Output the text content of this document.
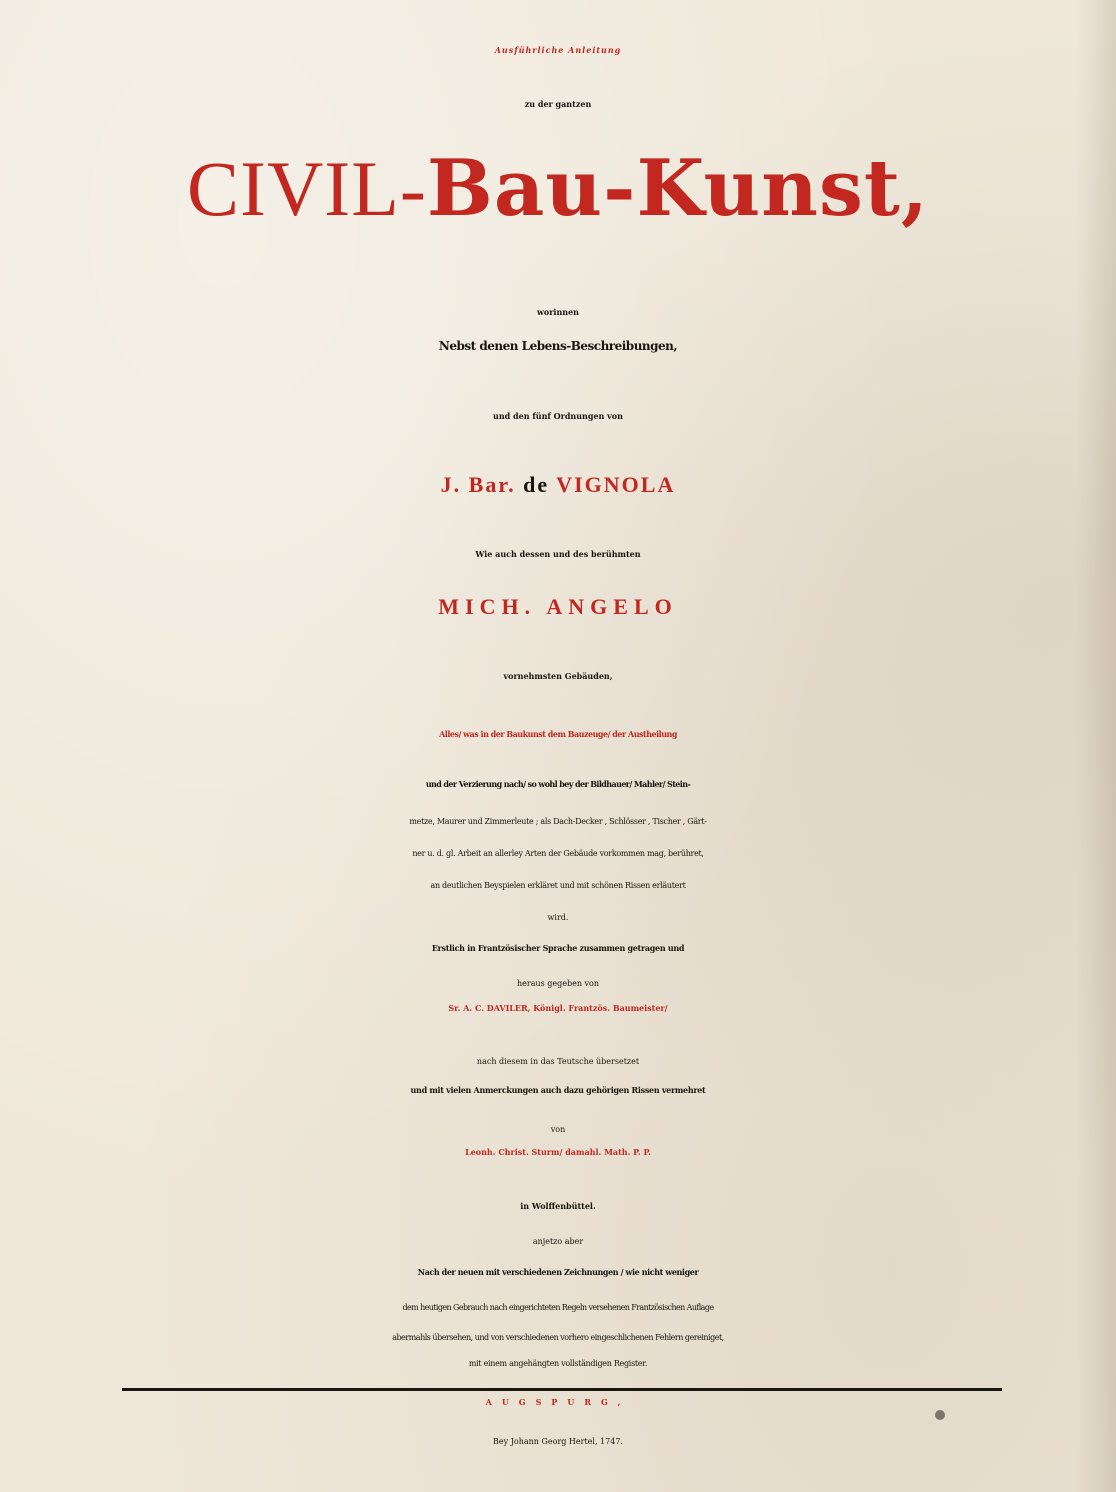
Ausführliche Anleitung
zu der gantzen
CIVIL-Bau-Kunst,
worinnen
Nebst denen Lebens-Beschreibungen,
und den fünf Ordnungen von
J. Bar. de VIGNOLA
Wie auch dessen und des berühmten
MICH. ANGELO
vornehmsten Gebäuden,
Alles/ was in der Baukunst dem Bauzeuge/ der Austheilung
und der Verzierung nach/ so wohl bey der Bildhauer/ Mahler/ Stein-
metze, Maurer und Zimmerleute ; als Dach-Decker , Schlösser , Tischer , Gärt-
ner u. d. gl. Arbeit an allerley Arten der Gebäude vorkommen mag, berühret,
an deutlichen Beyspielen erkläret und mit schönen Rissen erläutert
wird.
Erstlich in Frantzösischer Sprache zusammen getragen und
heraus gegeben von
Sr. A. C. DAVILER, Königl. Frantzös. Baumeister/
nach diesem in das Teutsche übersetzet
und mit vielen Anmerckungen auch dazu gehörigen Rissen vermehret
von
Leonh. Christ. Sturm/ damahl. Math. P. P.
in Wolffenbüttel.
anjetzo aber
Nach der neuen mit verschiedenen Zeichnungen / wie nicht weniger
dem heutigen Gebrauch nach eingerichteten Regeln versehenen Frantzösischen Auflage
abermahls übersehen, und von verschiedenen vorhero eingeschlichenen Fehlern gereiniget,
mit einem angehängten vollständigen Register.
AUGSPURG,
Bey Johann Georg Hertel, 1747.
